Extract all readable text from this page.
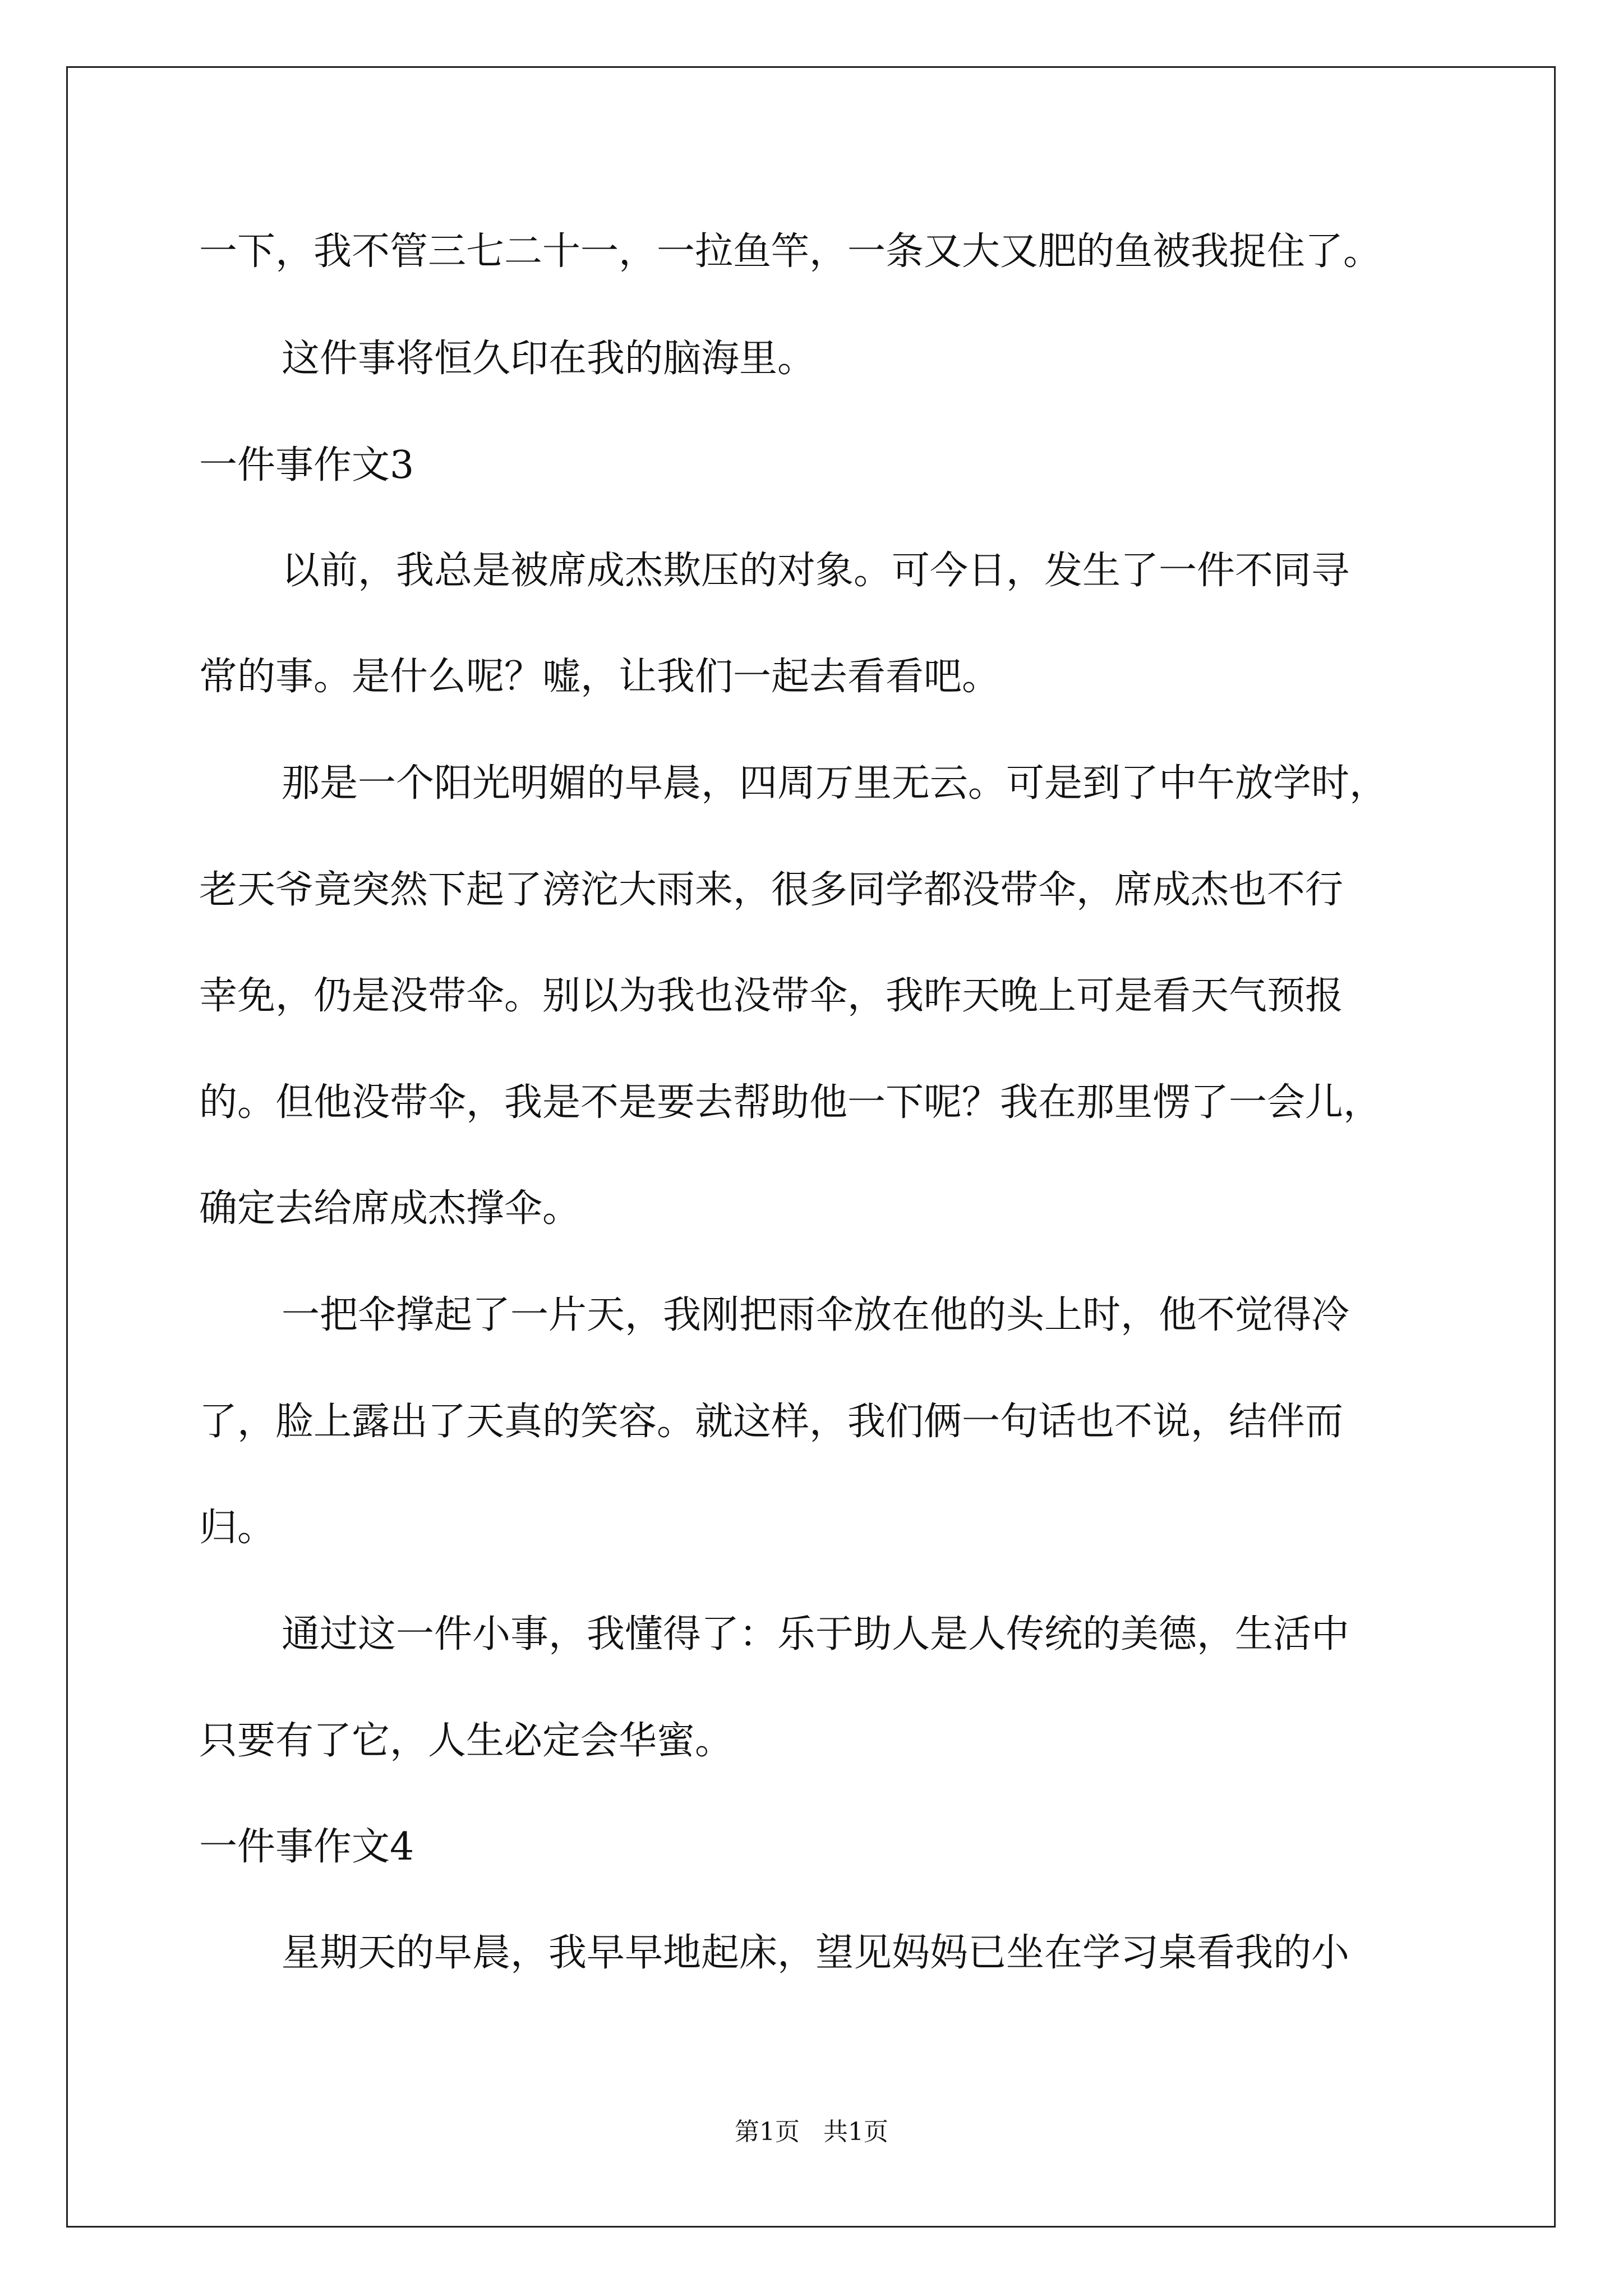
一下，我不管三七二十一，一拉鱼竿，一条又大又肥的鱼被我捉住了。

这件事将恒久印在我的脑海里。

一件事作文3

以前，我总是被席成杰欺压的对象。可今日，发生了一件不同寻

常的事。是什么呢？嘘，让我们一起去看看吧。

那是一个阳光明媚的早晨，四周万里无云。可是到了中午放学时，

老天爷竟突然下起了滂沱大雨来，很多同学都没带伞，席成杰也不行

幸免，仍是没带伞。别以为我也没带伞，我昨天晚上可是看天气预报

的。但他没带伞，我是不是要去帮助他一下呢？我在那里愣了一会儿，

确定去给席成杰撑伞。

一把伞撑起了一片天，我刚把雨伞放在他的头上时，他不觉得冷

了，脸上露出了天真的笑容。就这样，我们俩一句话也不说，结伴而

归。

通过这一件小事，我懂得了：乐于助人是人传统的美德，生活中

只要有了它，人生必定会华蜜。

一件事作文4

星期天的早晨，我早早地起床，望见妈妈已坐在学习桌看我的小

第1页 共1页
